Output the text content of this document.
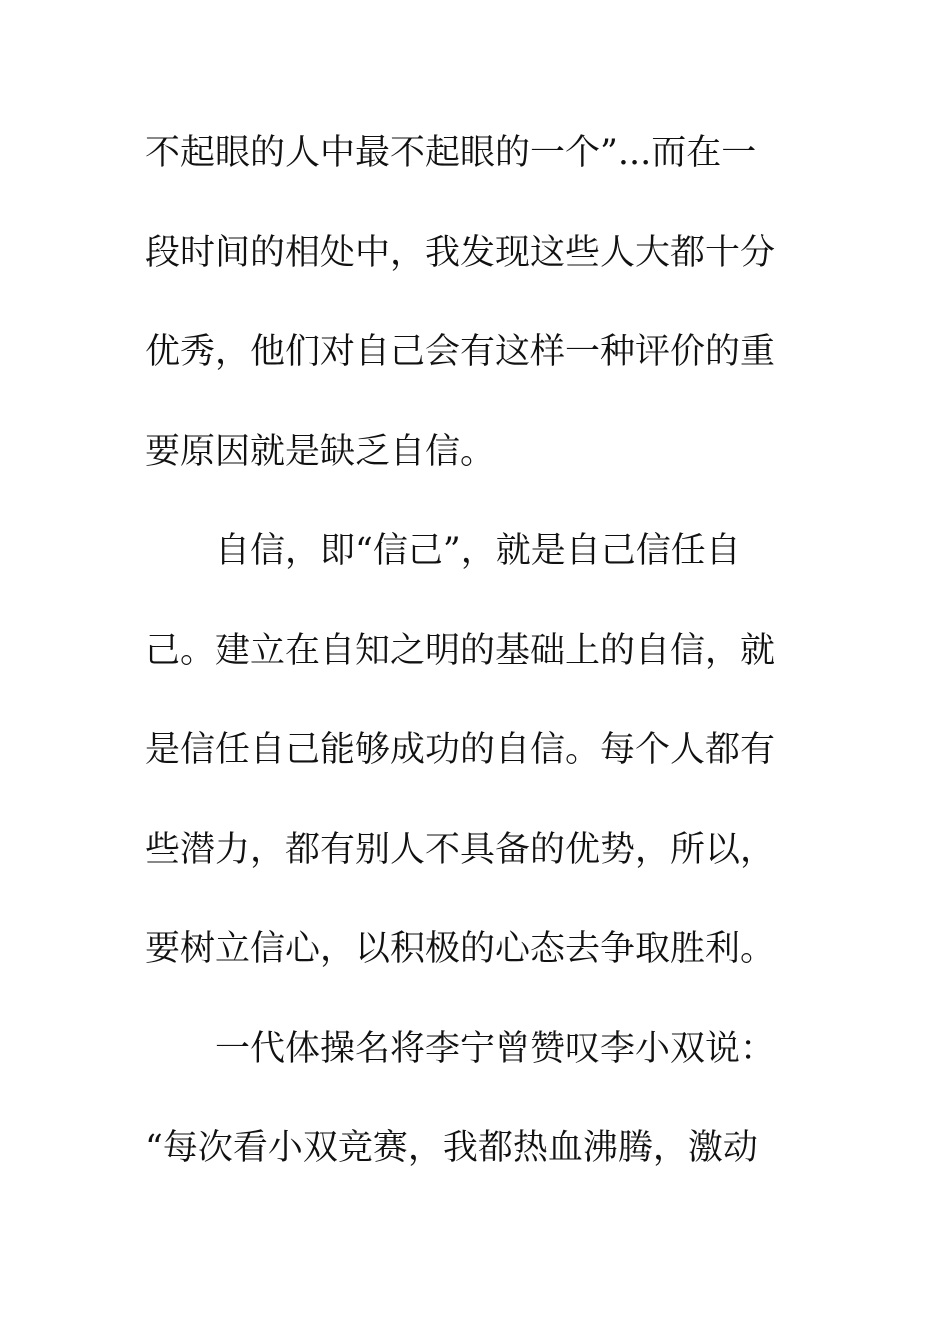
不起眼的人中最不起眼的一个”...而在一
段时间的相处中，我发现这些人大都十分
优秀，他们对自己会有这样一种评价的重
要原因就是缺乏自信。
自信，即“信己”，就是自己信任自
己。建立在自知之明的基础上的自信，就
是信任自己能够成功的自信。每个人都有
些潜力，都有别人不具备的优势，所以，
要树立信心，以积极的心态去争取胜利。
一代体操名将李宁曾赞叹李小双说：
“每次看小双竞赛，我都热血沸腾，激动
